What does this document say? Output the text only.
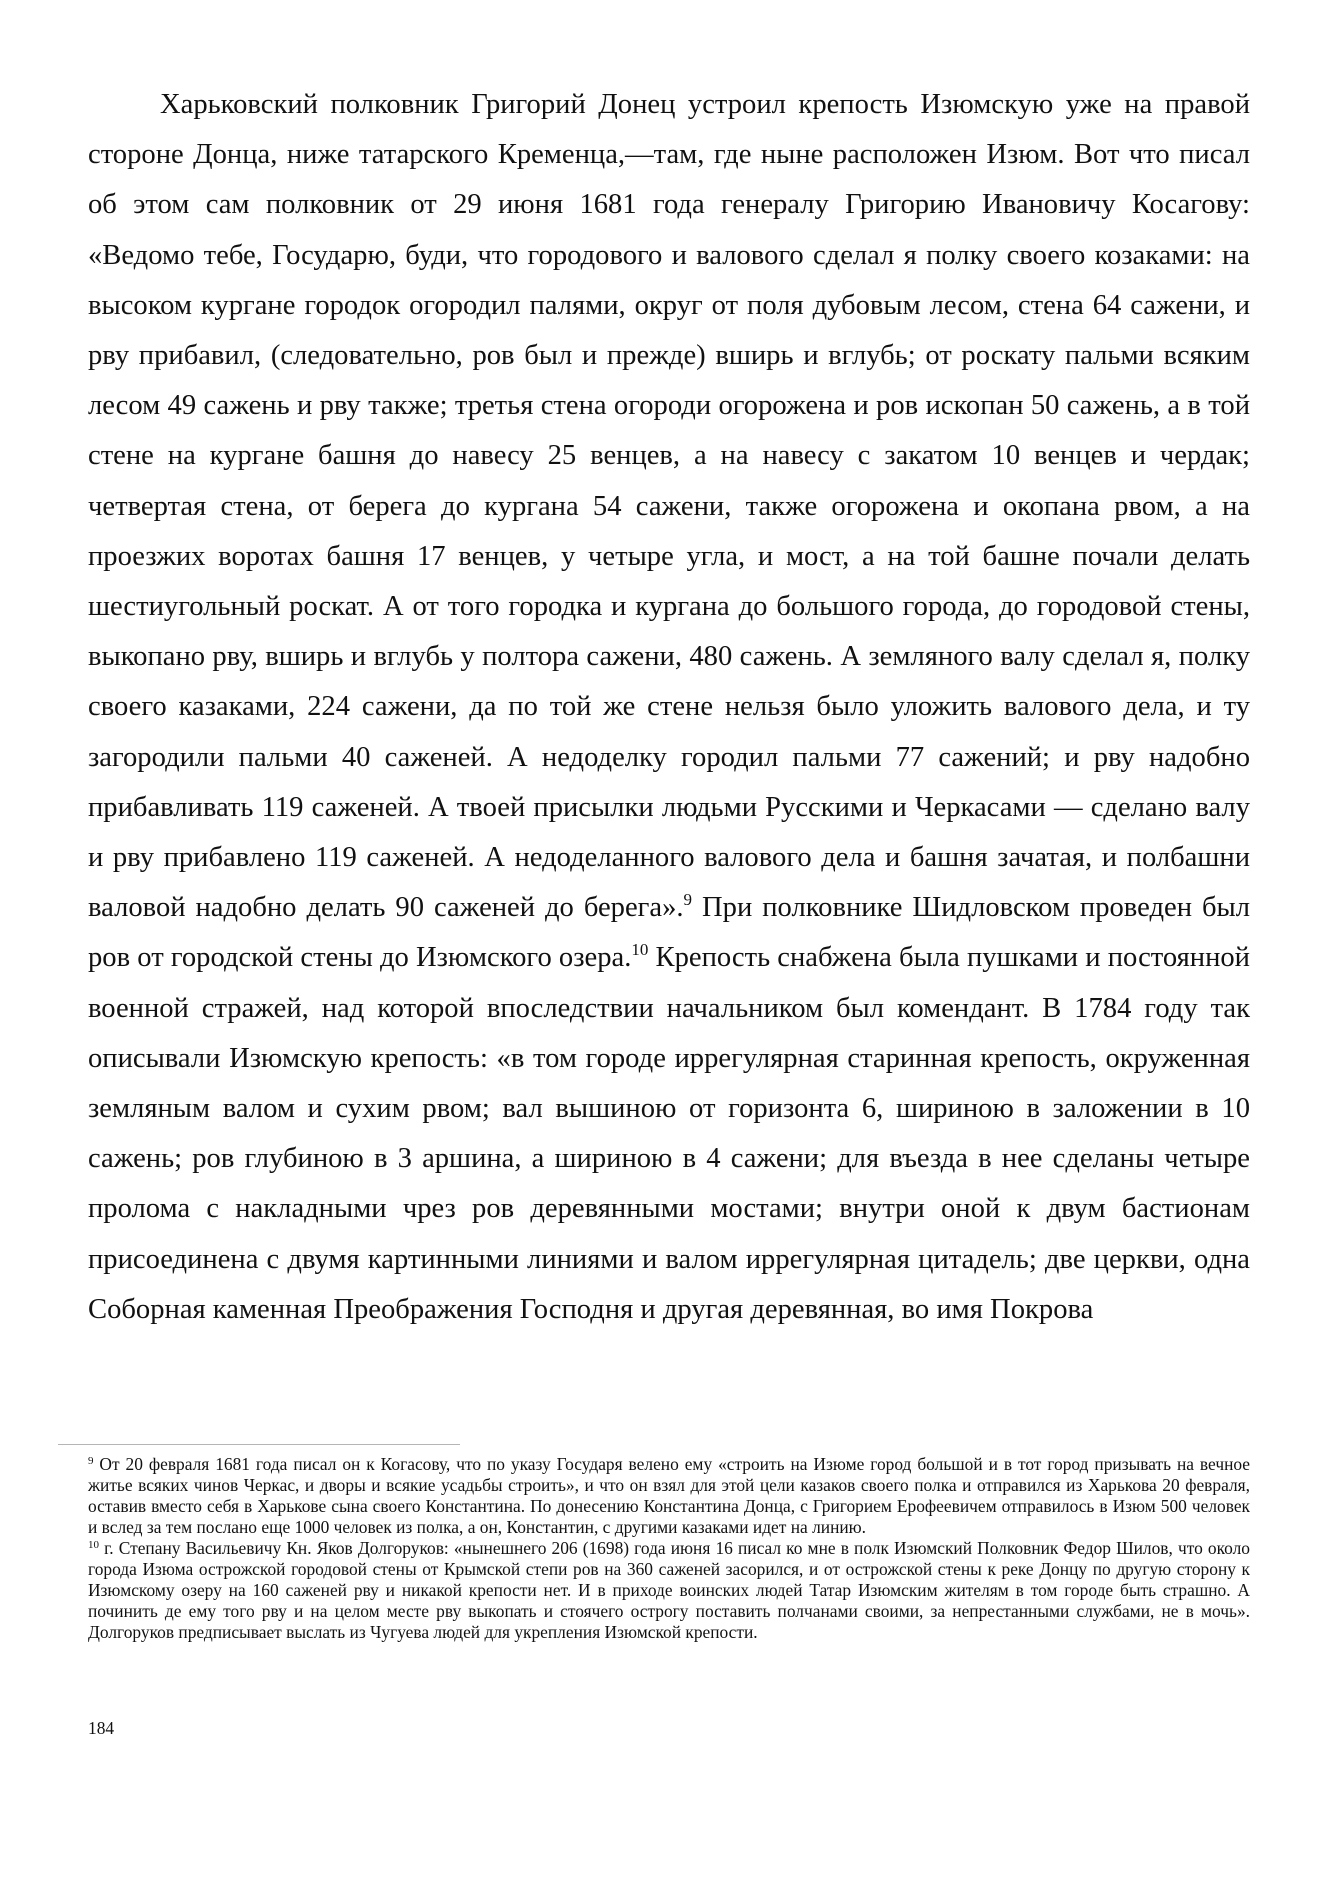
Харьковский полковник Григорий Донец устроил крепость Изюмскую уже на правой стороне Донца, ниже татарского Кременца,—там, где ныне расположен Изюм. Вот что писал об этом сам полковник от 29 июня 1681 года генералу Григорию Ивановичу Косагову: «Ведомо тебе, Государю, буди, что городового и валового сделал я полку своего козаками: на высоком кургане городок огородил палями, округ от поля дубовым лесом, стена 64 сажени, и рву прибавил, (следовательно, ров был и прежде) вширь и вглубь; от роскату пальми всяким лесом 49 сажень и рву также; третья стена огороди огорожена и ров ископан 50 сажень, а в той стене на кургане башня до навесу 25 венцев, а на навесу с закатом 10 венцев и чердак; четвертая стена, от берега до кургана 54 сажени, также огорожена и окопана рвом, а на проезжих воротах башня 17 венцев, у четыре угла, и мост, а на той башне почали делать шестиугольный роскат. А от того городка и кургана до большого города, до городовой стены, выкопано рву, вширь и вглубь у полтора сажени, 480 сажень. А земляного валу сделал я, полку своего казаками, 224 сажени, да по той же стене нельзя было уложить валового дела, и ту загородили пальми 40 саженей. А недоделку городил пальми 77 сажений; и рву надобно прибавливать 119 саженей. А твоей присылки людьми Русскими и Черкасами — сделано валу и рву прибавлено 119 саженей. А недоделанного валового дела и башня зачатая, и полбашни валовой надобно делать 90 саженей до берега».$^9$ При полковнике Шидловском проведен был ров от городской стены до Изюмского озера.$^{10}$ Крепость снабжена была пушками и постоянной военной стражей, над которой впоследствии начальником был комендант. В 1784 году так описывали Изюмскую крепость: «в том городе иррегулярная старинная крепость, окруженная земляным валом и сухим рвом; вал вышиною от горизонта 6, шириною в заложении в 10 сажень; ров глубиною в 3 аршина, а шириною в 4 сажени; для въезда в нее сделаны четыре пролома с накладными чрез ров деревянными мостами; внутри оной к двум бастионам присоединена с двумя картинными линиями и валом иррегулярная цитадель; две церкви, одна Соборная каменная Преображения Господня и другая деревянная, во имя Покрова

$^9$ От 20 февраля 1681 года писал он к Когасову, что по указу Государя велено ему «строить на Изюме город большой и в тот город призывать на вечное житье всяких чинов Черкас, и дворы и всякие усадьбы строить», и что он взял для этой цели казаков своего полка и отправился из Харькова 20 февраля, оставив вместо себя в Харькове сына своего Константина. По донесению Константина Донца, с Григорием Ерофеевичем отправилось в Изюм 500 человек и вслед за тем послано еще 1000 человек из полка, а он, Константин, с другими казаками идет на линию.

$^{10}$ г. Степану Васильевичу Кн. Яков Долгоруков: «нынешнего 206 (1698) года июня 16 писал ко мне в полк Изюмский Полковник Федор Шилов, что около города Изюма острожской городовой стены от Крымской степи ров на 360 саженей засорился, и от острожской стены к реке Донцу по другую сторону к Изюмскому озеру на 160 саженей рву и никакой крепости нет. И в приходе воинских людей Татар Изюмским жителям в том городе быть страшно. А починить де ему того рву и на целом месте рву выкопать и стоячего острогу поставить полчанами своими, за непрестанными службами, не в мочь». Долгоруков предписывает выслать из Чугуева людей для укрепления Изюмской крепости.

184
